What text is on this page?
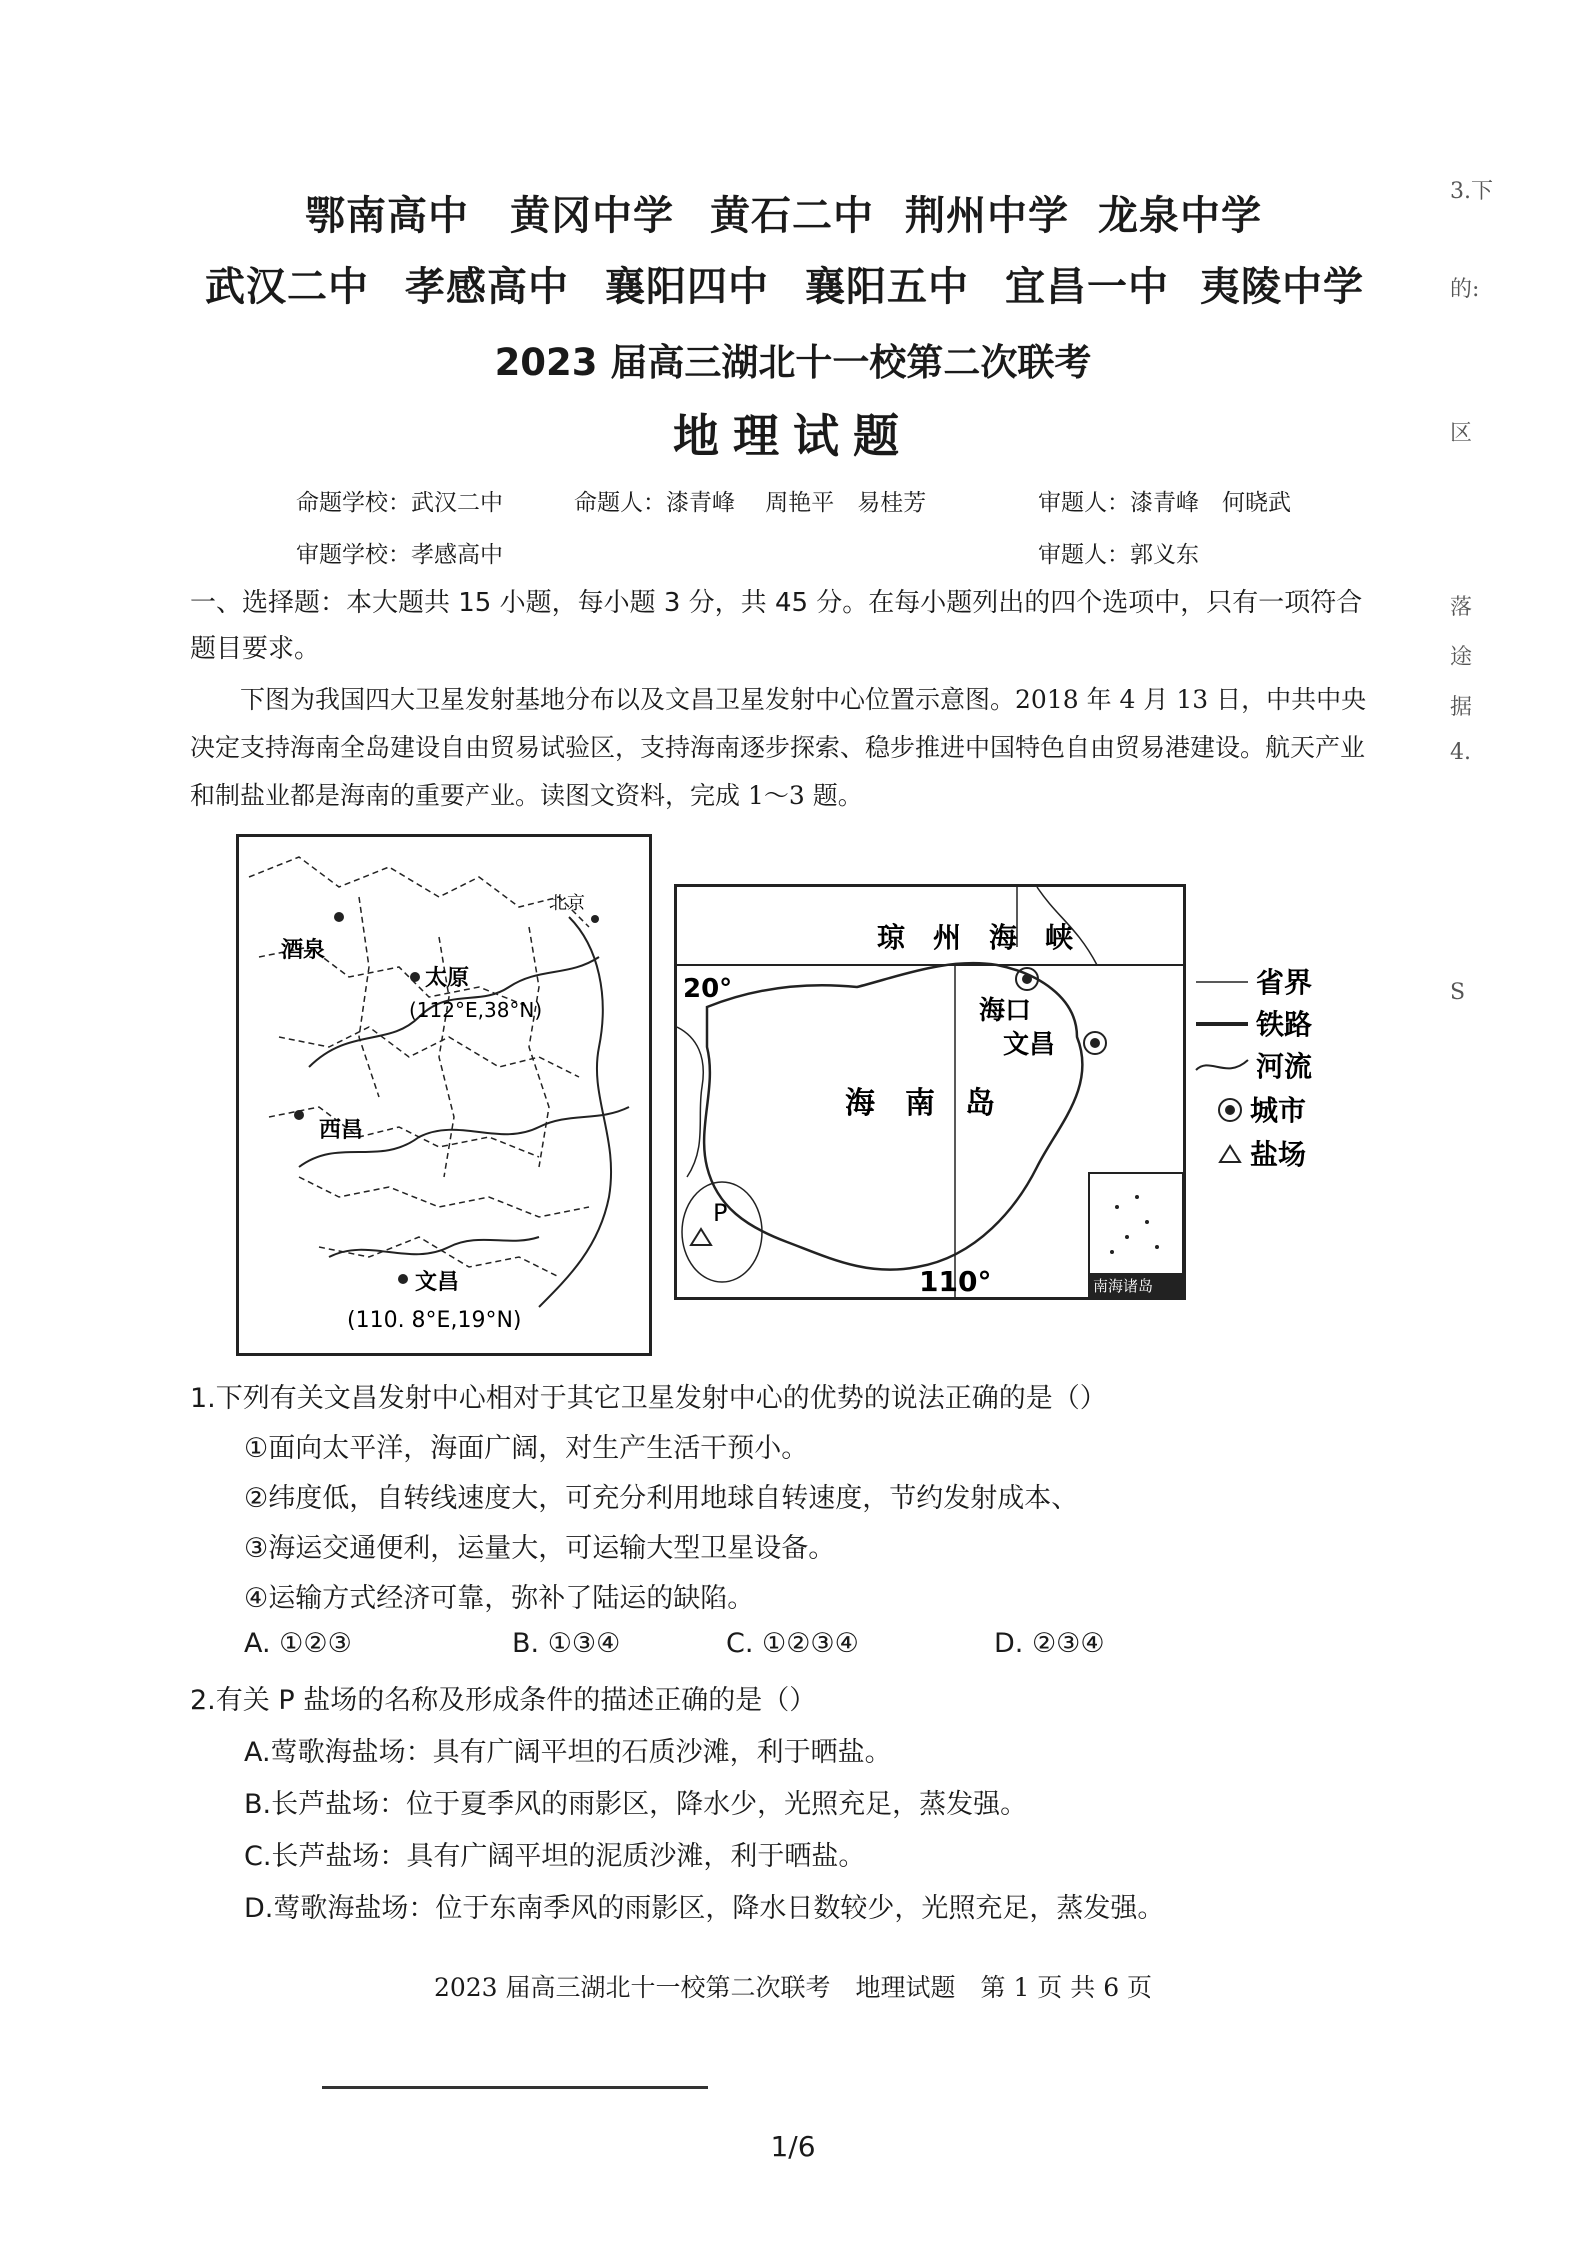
鄂南高中 黄冈中学 黄石二中 荆州中学 龙泉中学
武汉二中 孝感高中 襄阳四中 襄阳五中 宜昌一中 夷陵中学
2023 届高三湖北十一校第二次联考
地理试题
命题学校：武汉二中	命题人：漆青峰　 周艳平　易桂芳	审题人：漆青峰　何晓武
审题学校：孝感高中	审题人：郭义东
一、选择题：本大题共 15 小题，每小题 3 分，共 45 分。在每小题列出的四个选项中，只有一项符合题目要求。
下图为我国四大卫星发射基地分布以及文昌卫星发射中心位置示意图。2018 年 4 月 13 日，中共中央决定支持海南全岛建设自由贸易试验区，支持海南逐步探索、稳步推进中国特色自由贸易港建设。航天产业和制盐业都是海南的重要产业。读图文资料，完成 1～3 题。
酒泉
北京
太原
(112°E,38°N)
西昌
文昌
(110. 8°E,19°N)
琼　州　海　峡
20°
海口
文昌
海　南　岛
P
110°	南海诸岛
省界
铁路
河流
城市
盐场
1.下列有关文昌发射中心相对于其它卫星发射中心的优势的说法正确的是（）
①面向太平洋，海面广阔，对生产生活干预小。
②纬度低，自转线速度大，可充分利用地球自转速度，节约发射成本、
③海运交通便利，运量大，可运输大型卫星设备。
④运输方式经济可靠，弥补了陆运的缺陷。
A. ①②③	B. ①③④	C. ①②③④	D. ②③④
2.有关 P 盐场的名称及形成条件的描述正确的是（）
A.莺歌海盐场：具有广阔平坦的石质沙滩，利于晒盐。
B.长芦盐场：位于夏季风的雨影区，降水少，光照充足，蒸发强。
C.长芦盐场：具有广阔平坦的泥质沙滩，利于晒盐。
D.莺歌海盐场：位于东南季风的雨影区，降水日数较少，光照充足，蒸发强。
3.下
的:
区
落
途
据
4.
S
2023 届高三湖北十一校第二次联考　地理试题　第 1 页 共 6 页
1/6
